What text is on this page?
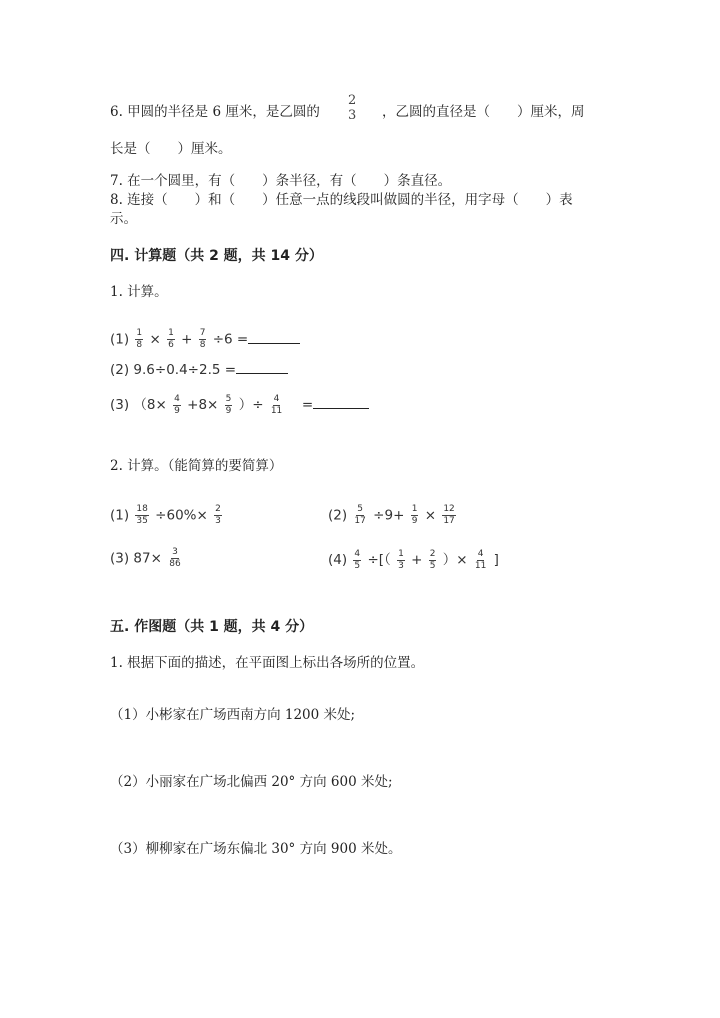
6. 甲圆的半径是 6 厘米，是乙圆的
2
3 ，乙圆的直径是（　　）厘米，周
长是（　　）厘米。
7. 在一个圆里，有（　　）条半径，有（　　）条直径。
8. 连接（　　）和（　　）任意一点的线段叫做圆的半径，用字母（　　）表
示。
四. 计算题（共 2 题，共 14 分）
1. 计算。
$(1) \frac{1}{8} \times \frac{1}{6} + \frac{7}{8} \div 6$ =
(2) 9.6÷0.4÷2.5 =
(3) （$8\times \frac{4}{9} +8\times \frac{5}{9}$ ）÷ $\frac{4}{11}$ =
2. 计算。（能简算的要简算）
$(1) \frac{18}{35} \div 60\%\times \frac{2}{3}$	$(2) \frac{5}{17} \div 9+ \frac{1}{9} \times \frac{12}{17}$
(3) $87\times \frac{3}{86}$	$(4) \frac{4}{5}$ ÷[（ $\frac{1}{3} + \frac{2}{5}$ ）× $\frac{4}{11}$ ]
五. 作图题（共 1 题，共 4 分）
1. 根据下面的描述，在平面图上标出各场所的位置。
（1）小彬家在广场西南方向 1200 米处;
（2）小丽家在广场北偏西 20° 方向 600 米处;
（3）柳柳家在广场东偏北 30° 方向 900 米处。
